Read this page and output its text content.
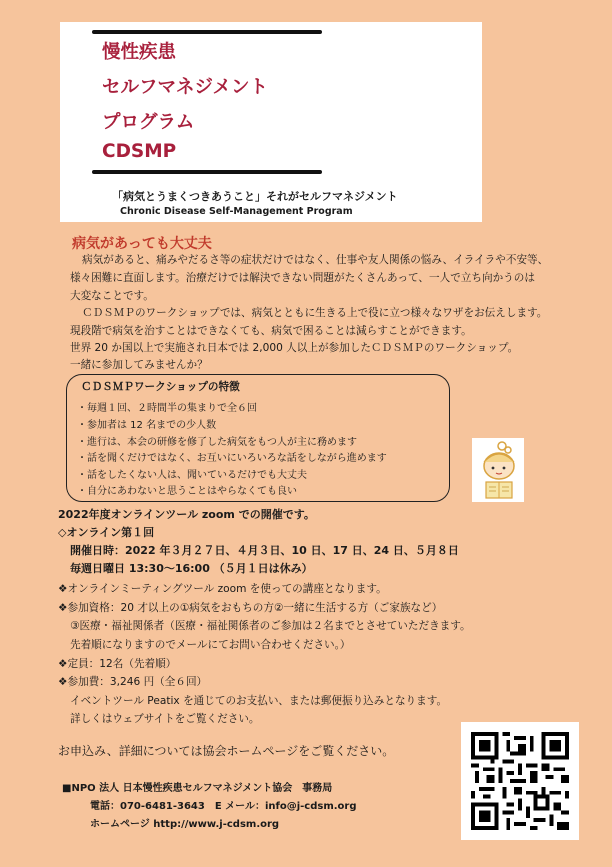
慢性疾患
セルフマネジメント
プログラム
CDSMP
「病気とうまくつきあうこと」それがセルフマネジメント
Chronic Disease Self-Management Program
病気があっても大丈夫
病気があると、痛みやだるさ等の症状だけではなく、仕事や友人関係の悩み、イライラや不安等、
様々困難に直面します。治療だけでは解決できない問題がたくさんあって、一人で立ち向かうのは
大変なことです。
ＣＤＳＭＰのワークショップでは、病気とともに生きる上で役に立つ様々なワザをお伝えします。
現段階で病気を治すことはできなくても、病気で困ることは減らすことができます。
世界 20 か国以上で実施され日本では 2,000 人以上が参加したＣＤＳＭＰのワークショップ。
一緒に参加してみませんか？
ＣＤＳＭＰワークショップの特徴
・毎週１回、２時間半の集まりで全６回
・参加者は 12 名までの少人数
・進行は、本会の研修を修了した病気をもつ人が主に務めます
・話を聞くだけではなく、お互いにいろいろな話をしながら進めます
・話をしたくない人は、聞いているだけでも大丈夫
・自分にあわないと思うことはやらなくても良い
2022年度オンラインツール zoom での開催です。
◇オンライン第１回
開催日時：2022 年３月２７日、４月３日、10 日、17 日、24 日、５月８日
毎週日曜日 13:30～16:00 （５月１日は休み）
❖オンラインミーティングツール zoom を使っての講座となります。
❖参加資格：20 才以上の①病気をおもちの方②一緒に生活する方（ご家族など）
③医療・福祉関係者（医療・福祉関係者のご参加は２名までとさせていただきます。
先着順になりますのでメールにてお問い合わせください。）
❖定員：12名（先着順）
❖参加費：3,246 円（全６回）
イベントツール Peatix を通じてのお支払い、または郵便振り込みとなります。
詳しくはウェブサイトをご覧ください。
お申込み、詳細については協会ホームページをご覧ください。
■NPO 法人 日本慢性疾患セルフマネジメント協会　事務局
電話：070-6481-3643　E メール：info@j-cdsm.org
ホームページ http://www.j-cdsm.org
